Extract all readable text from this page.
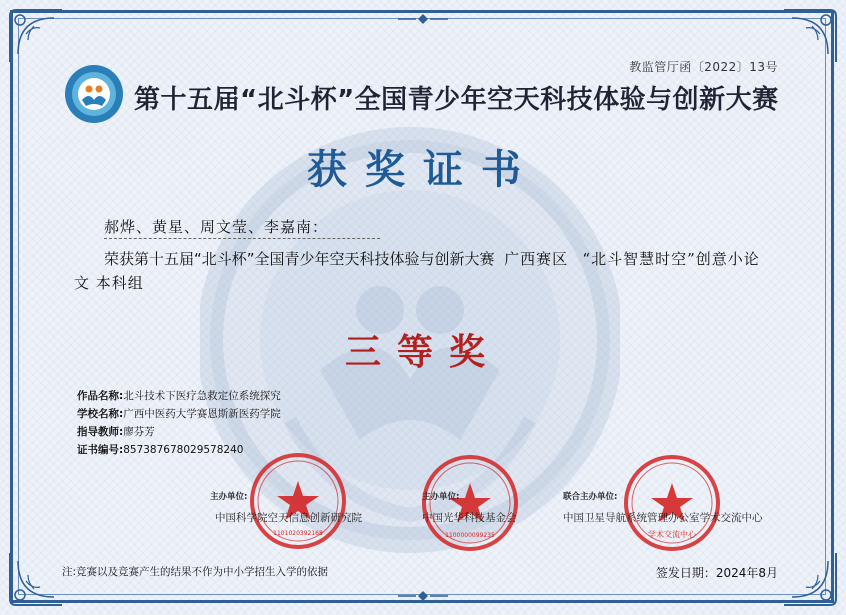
教监管厅函〔2022〕13号
第十五届“北斗杯”全国青少年空天科技体验与创新大赛
获奖证书
郝烨、黄星、周文莹、李嘉南：
荣获第十五届“北斗杯”全国青少年空天科技体验与创新大赛 广西赛区 “北斗智慧时空”创意小论文 本科组
三等奖
作品名称:北斗技术下医疗急救定位系统探究
学校名称:广西中医药大学赛恩斯新医药学院
指导教师:廖芬芳
证书编号:857387678029578240
1101020392168	1100000099235	学术交流中心
主办单位:
中国科学院空天信息创新研究院
主办单位:
中国光华科技基金会
联合主办单位:
中国卫星导航系统管理办公室学术交流中心
注:竞赛以及竞赛产生的结果不作为中小学招生入学的依据	签发日期：2024年8月
